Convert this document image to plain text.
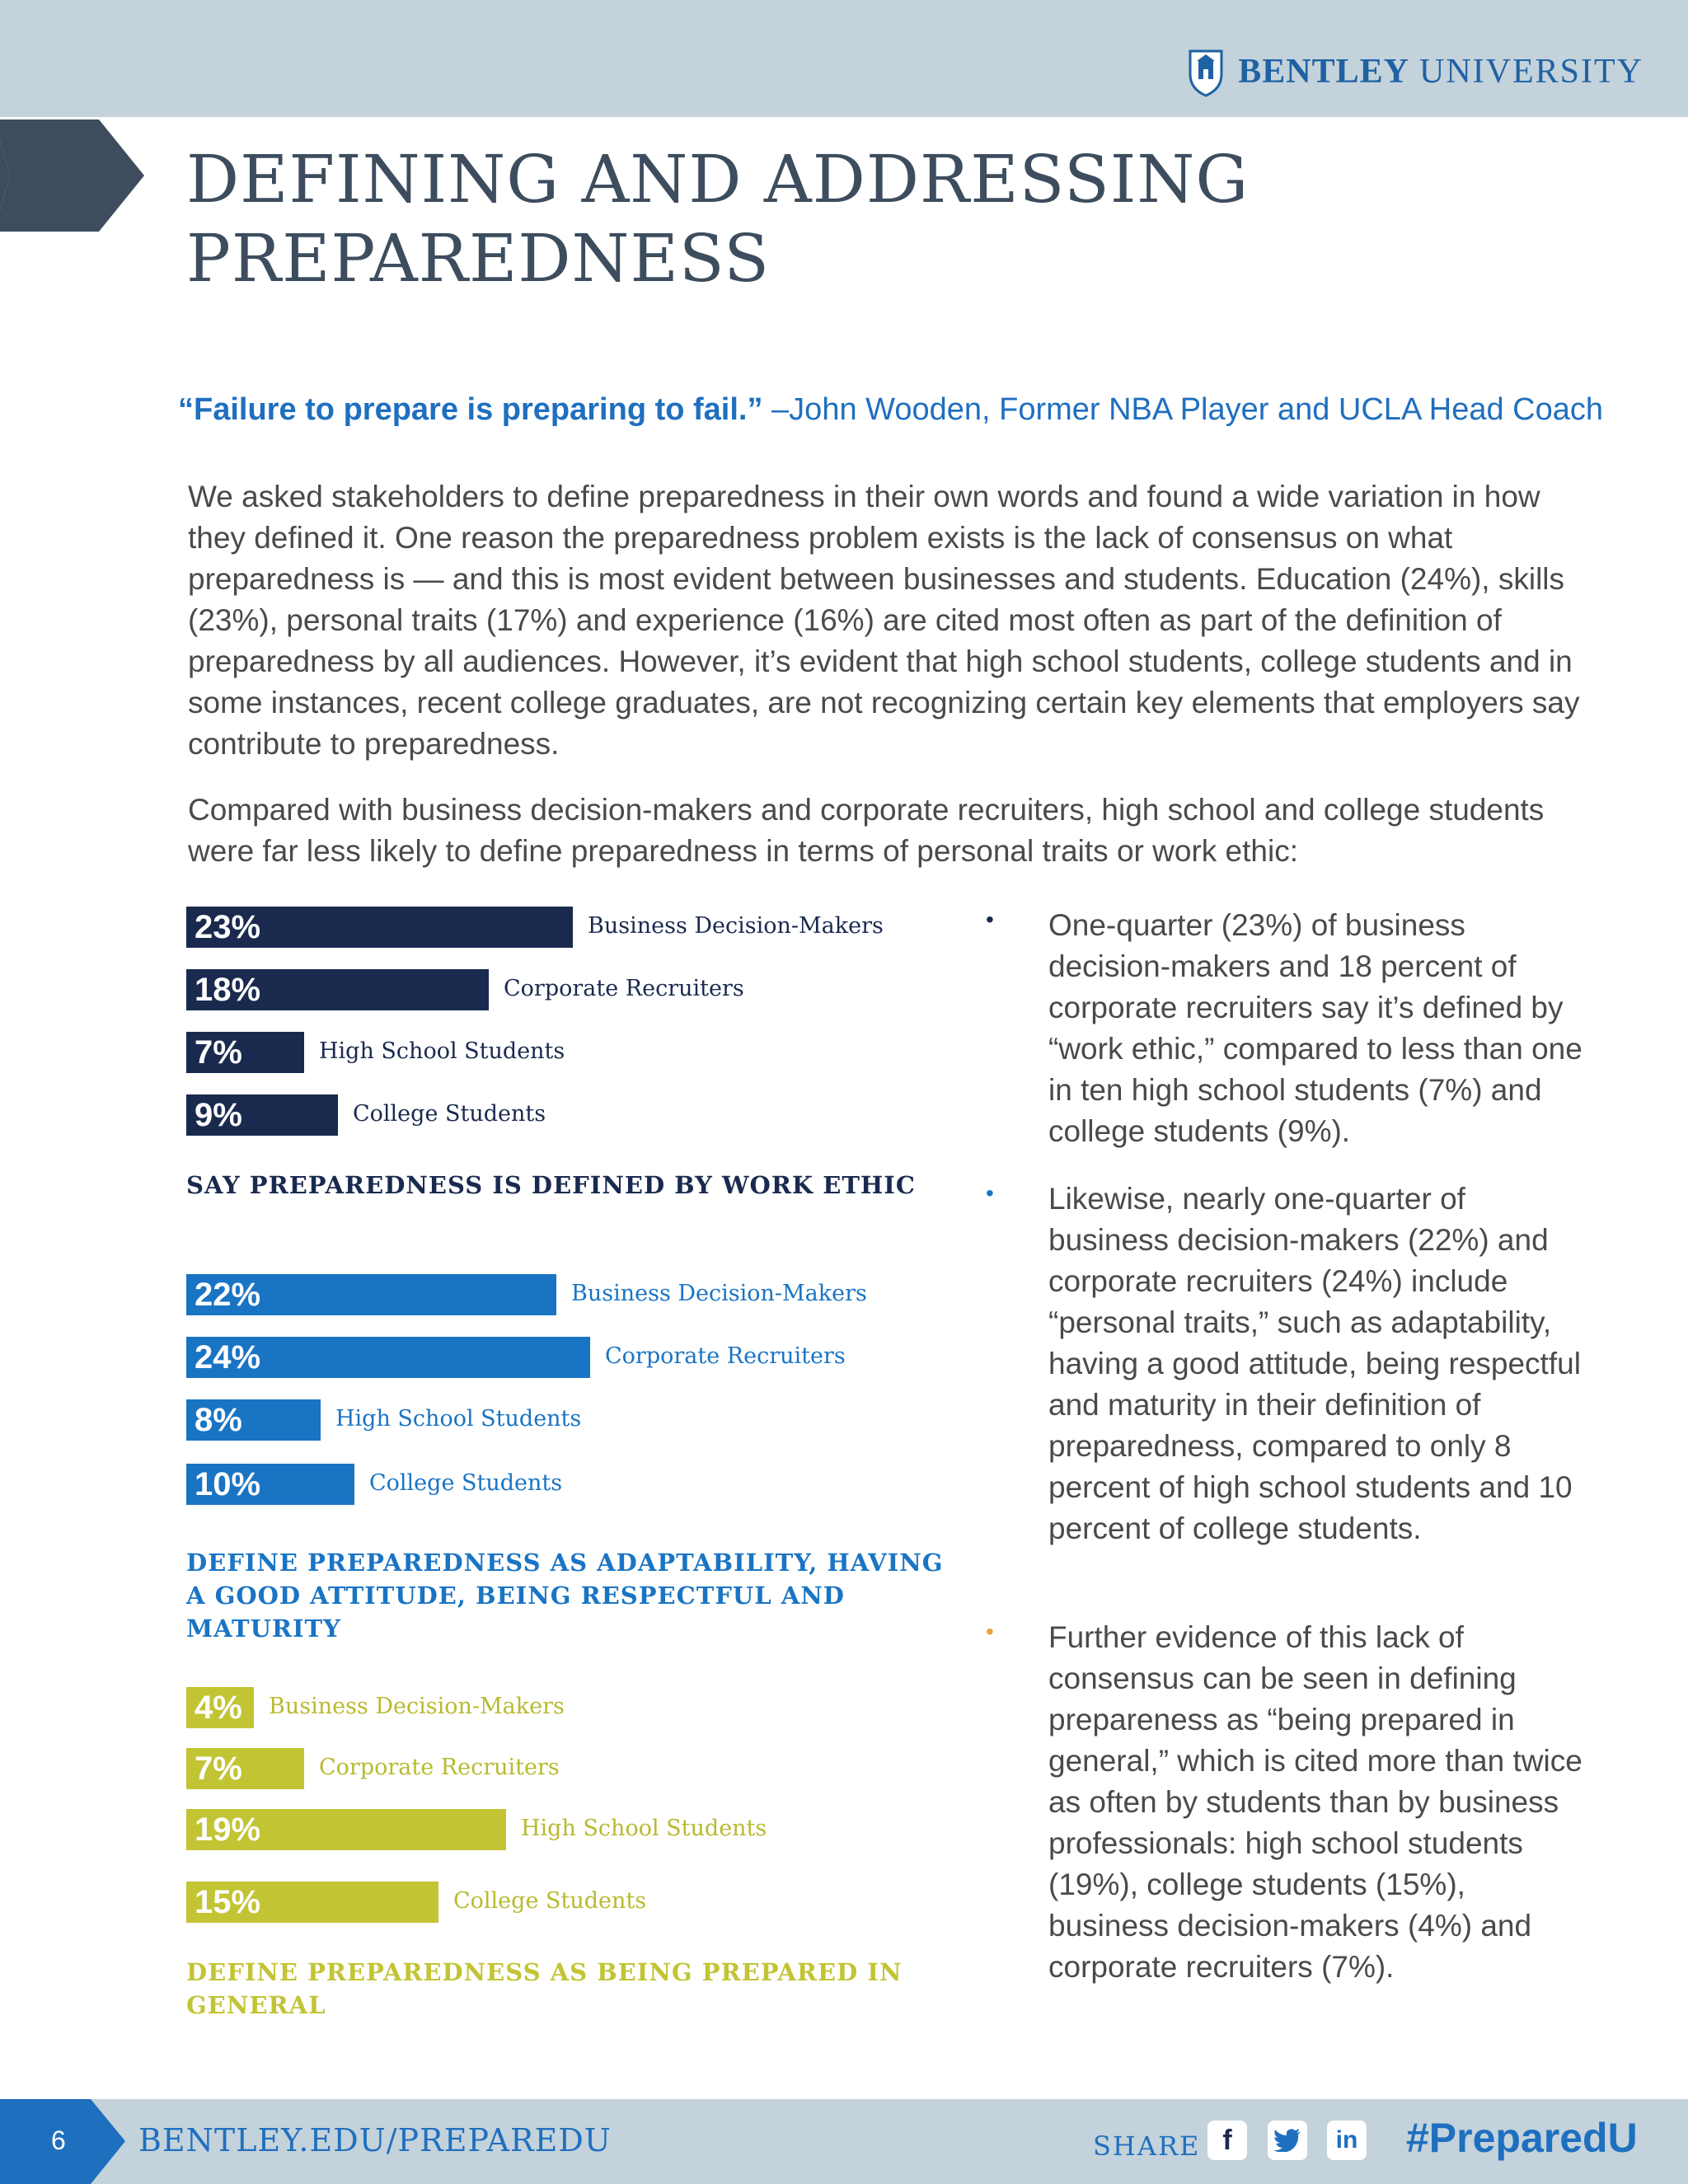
BENTLEY UNIVERSITY
DEFINING AND ADDRESSING
PREPAREDNESS
“Failure to prepare is preparing to fail.” –John Wooden, Former NBA Player and UCLA Head Coach

We asked stakeholders to define preparedness in their own words and found a wide variation in how they defined it. One reason the preparedness problem exists is the lack of consensus on what preparedness is — and this is most evident between businesses and students. Education (24%), skills (23%), personal traits (17%) and experience (16%) are cited most often as part of the definition of preparedness by all audiences. However, it’s evident that high school students, college students and in some instances, recent college graduates, are not recognizing certain key elements that employers say contribute to preparedness.

Compared with business decision-makers and corporate recruiters, high school and college students were far less likely to define preparedness in terms of personal traits or work ethic:

23%	Business Decision-Makers
18%	Corporate Recruiters
7%	High School Students
9%	College Students

SAY PREPAREDNESS IS DEFINED BY WORK ETHIC

22%	Business Decision-Makers
24%	Corporate Recruiters
8%	High School Students
10%	College Students

DEFINE PREPAREDNESS AS ADAPTABILITY, HAVING A GOOD ATTITUDE, BEING RESPECTFUL AND MATURITY

4% Business Decision-Makers
7%	Corporate Recruiters
19%	High School Students
15%	College Students

DEFINE PREPAREDNESS AS BEING PREPARED IN GENERAL

• One-quarter (23%) of business decision-makers and 18 percent of corporate recruiters say it’s defined by “work ethic,” compared to less than one in ten high school students (7%) and college students (9%).
• Likewise, nearly one-quarter of business decision-makers (22%) and corporate recruiters (24%) include “personal traits,” such as adaptability, having a good attitude, being respectful and maturity in their definition of preparedness, compared to only 8 percent of high school students and 10 percent of college students.
• Further evidence of this lack of consensus can be seen in defining prepareness as “being prepared in general,” which is cited more than twice as often by students than by business professionals: high school students (19%), college students (15%), business decision-makers (4%) and corporate recruiters (7%).
6 BENTLEY.EDU/PREPAREDU	SHARE f	in #PreparedU
